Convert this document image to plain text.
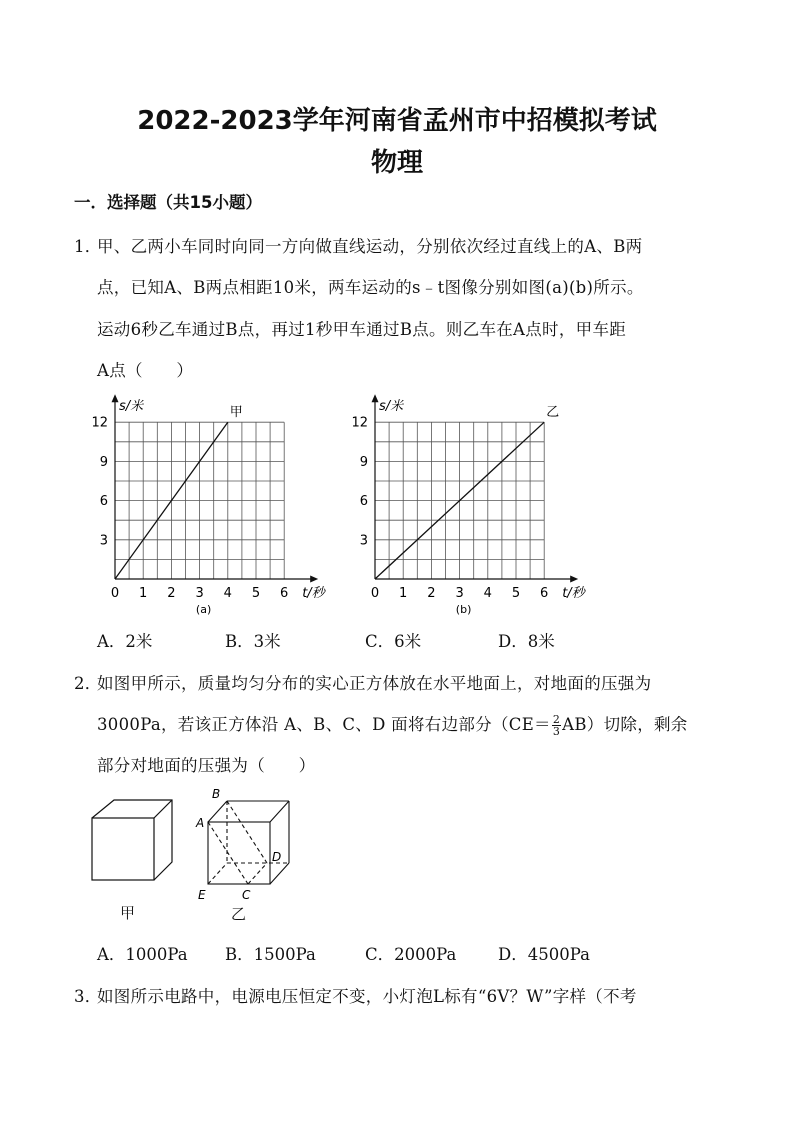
2022-2023学年河南省孟州市中招模拟考试
物理
一．选择题（共15小题）
1．
甲、乙两小车同时向同一方向做直线运动，分别依次经过直线上的A、B两
点，已知A、B两点相距10米，两车运动的s﹣t图像分别如图(a)(b)所示。
运动6秒乙车通过B点，再过1秒甲车通过B点。则乙车在A点时，甲车距
A点（　　）
0 1 2 3 4 5 6
3
6
9
12
s/米
t/秒
甲
(a)
0 1 2 3 4 5 6
3
6
9
12
s/米
t/秒
乙
(b)
A．2米	B．3米	C．6米	D．8米
2．
如图甲所示，质量均匀分布的实心正方体放在水平地面上，对地面的压强为
3000Pa，若该正方体沿 A、B、C、D 面将右边部分$(CE= \frac{2}{3} AB)$切除，剩余
部分对地面的压强为（　　）
甲
B
A
D
C
E
乙
A．1000Pa B．1500Pa	C．2000Pa	D．4500Pa
3．
如图所示电路中，电源电压恒定不变，小灯泡L标有“6V？W”字样（不考
